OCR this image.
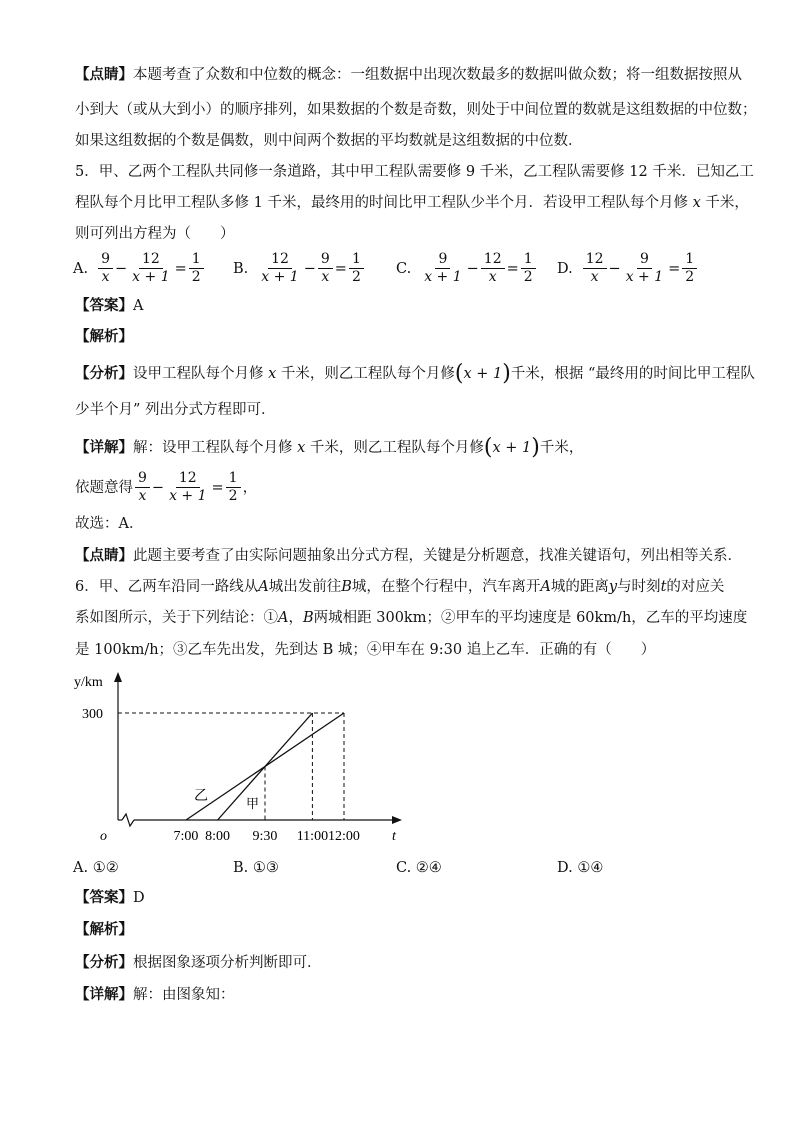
【点睛】本题考查了众数和中位数的概念：一组数据中出现次数最多的数据叫做众数；将一组数据按照从
小到大（或从大到小）的顺序排列，如果数据的个数是奇数，则处于中间位置的数就是这组数据的中位数；
如果这组数据的个数是偶数，则中间两个数据的平均数就是这组数据的中位数．
5．甲、乙两个工程队共同修一条道路，其中甲工程队需要修 9 千米，乙工程队需要修 12 千米．已知乙工
程队每个月比甲工程队多修 1 千米，最终用的时间比甲工程队少半个月．若设甲工程队每个月修 x 千米，
则可列出方程为（　　）
A. $\frac{9}{x} - \frac{12}{x + 1} = \frac{1}{2} B$. $\frac{12}{x + 1} - \frac{9}{x} = \frac{1}{2} C$. $\frac{9}{x + 1} - \frac{12}{x} = \frac{1}{2} D$. $\frac{12}{x} - \frac{9}{x + 1} = \frac{1}{2}$
【答案】A
【解析】
【分析】设甲工程队每个月修 x 千米，则乙工程队每个月修(x + 1)千米，根据 “最终用的时间比甲工程队
少半个月” 列出分式方程即可．
【详解】解：设甲工程队每个月修 x 千米，则乙工程队每个月修(x + 1)千米，
依题意得 $\frac{9}{x} - \frac{12}{x + 1} = \frac{1}{2}$ ，
故选：A．
【点睛】此题主要考查了由实际问题抽象出分式方程，关键是分析题意，找准关键语句，列出相等关系．
6．甲、乙两车沿同一路线从A城出发前往B城，在整个行程中，汽车离开A城的距离y与时刻t的对应关
系如图所示，关于下列结论：①A，B两城相距 300km；②甲车的平均速度是 60km/h，乙车的平均速度
是 100km/h；③乙车先出发，先到达 B 城；④甲车在 9:30 追上乙车．正确的有（　　）
y/km
t
o
300
7:00 8:00 9:30 11:00 12:00
乙	甲
A. ①②	B. ①③	C. ②④	D. ①④
【答案】D
【解析】
【分析】根据图象逐项分析判断即可．
【详解】解：由图象知：
